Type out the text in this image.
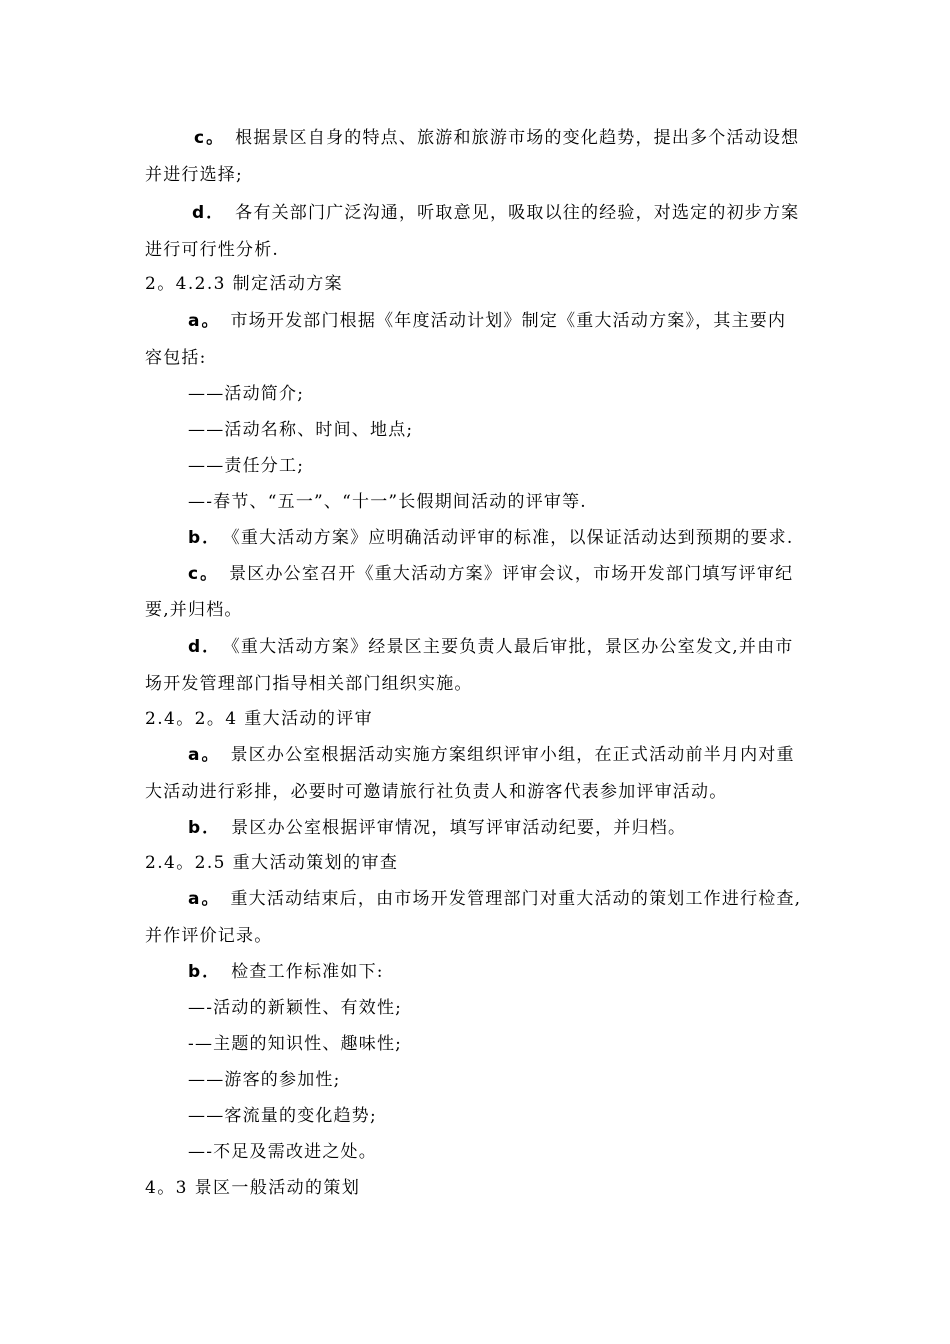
c。 根据景区自身的特点、旅游和旅游市场的变化趋势，提出多个活动设想
并进行选择;
d． 各有关部门广泛沟通，听取意见，吸取以往的经验，对选定的初步方案
进行可行性分析.
2。4.2.3 制定活动方案
a。 市场开发部门根据《年度活动计划》制定《重大活动方案》，其主要内
容包括:
——活动简介;
——活动名称、时间、地点;
——责任分工;
—-春节、“五一”、“十一”长假期间活动的评审等.
b． 《重大活动方案》应明确活动评审的标准，以保证活动达到预期的要求.
c。 景区办公室召开《重大活动方案》评审会议，市场开发部门填写评审纪
要,并归档。
d． 《重大活动方案》经景区主要负责人最后审批，景区办公室发文,并由市
场开发管理部门指导相关部门组织实施。
2.4。2。4 重大活动的评审
a。 景区办公室根据活动实施方案组织评审小组，在正式活动前半月内对重
大活动进行彩排，必要时可邀请旅行社负责人和游客代表参加评审活动。
b． 景区办公室根据评审情况，填写评审活动纪要，并归档。
2.4。2.5 重大活动策划的审查
a。 重大活动结束后，由市场开发管理部门对重大活动的策划工作进行检查,
并作评价记录。
b． 检查工作标准如下:
—-活动的新颖性、有效性;
-—主题的知识性、趣味性;
——游客的参加性;
——客流量的变化趋势;
—-不足及需改进之处。
4。3 景区一般活动的策划
